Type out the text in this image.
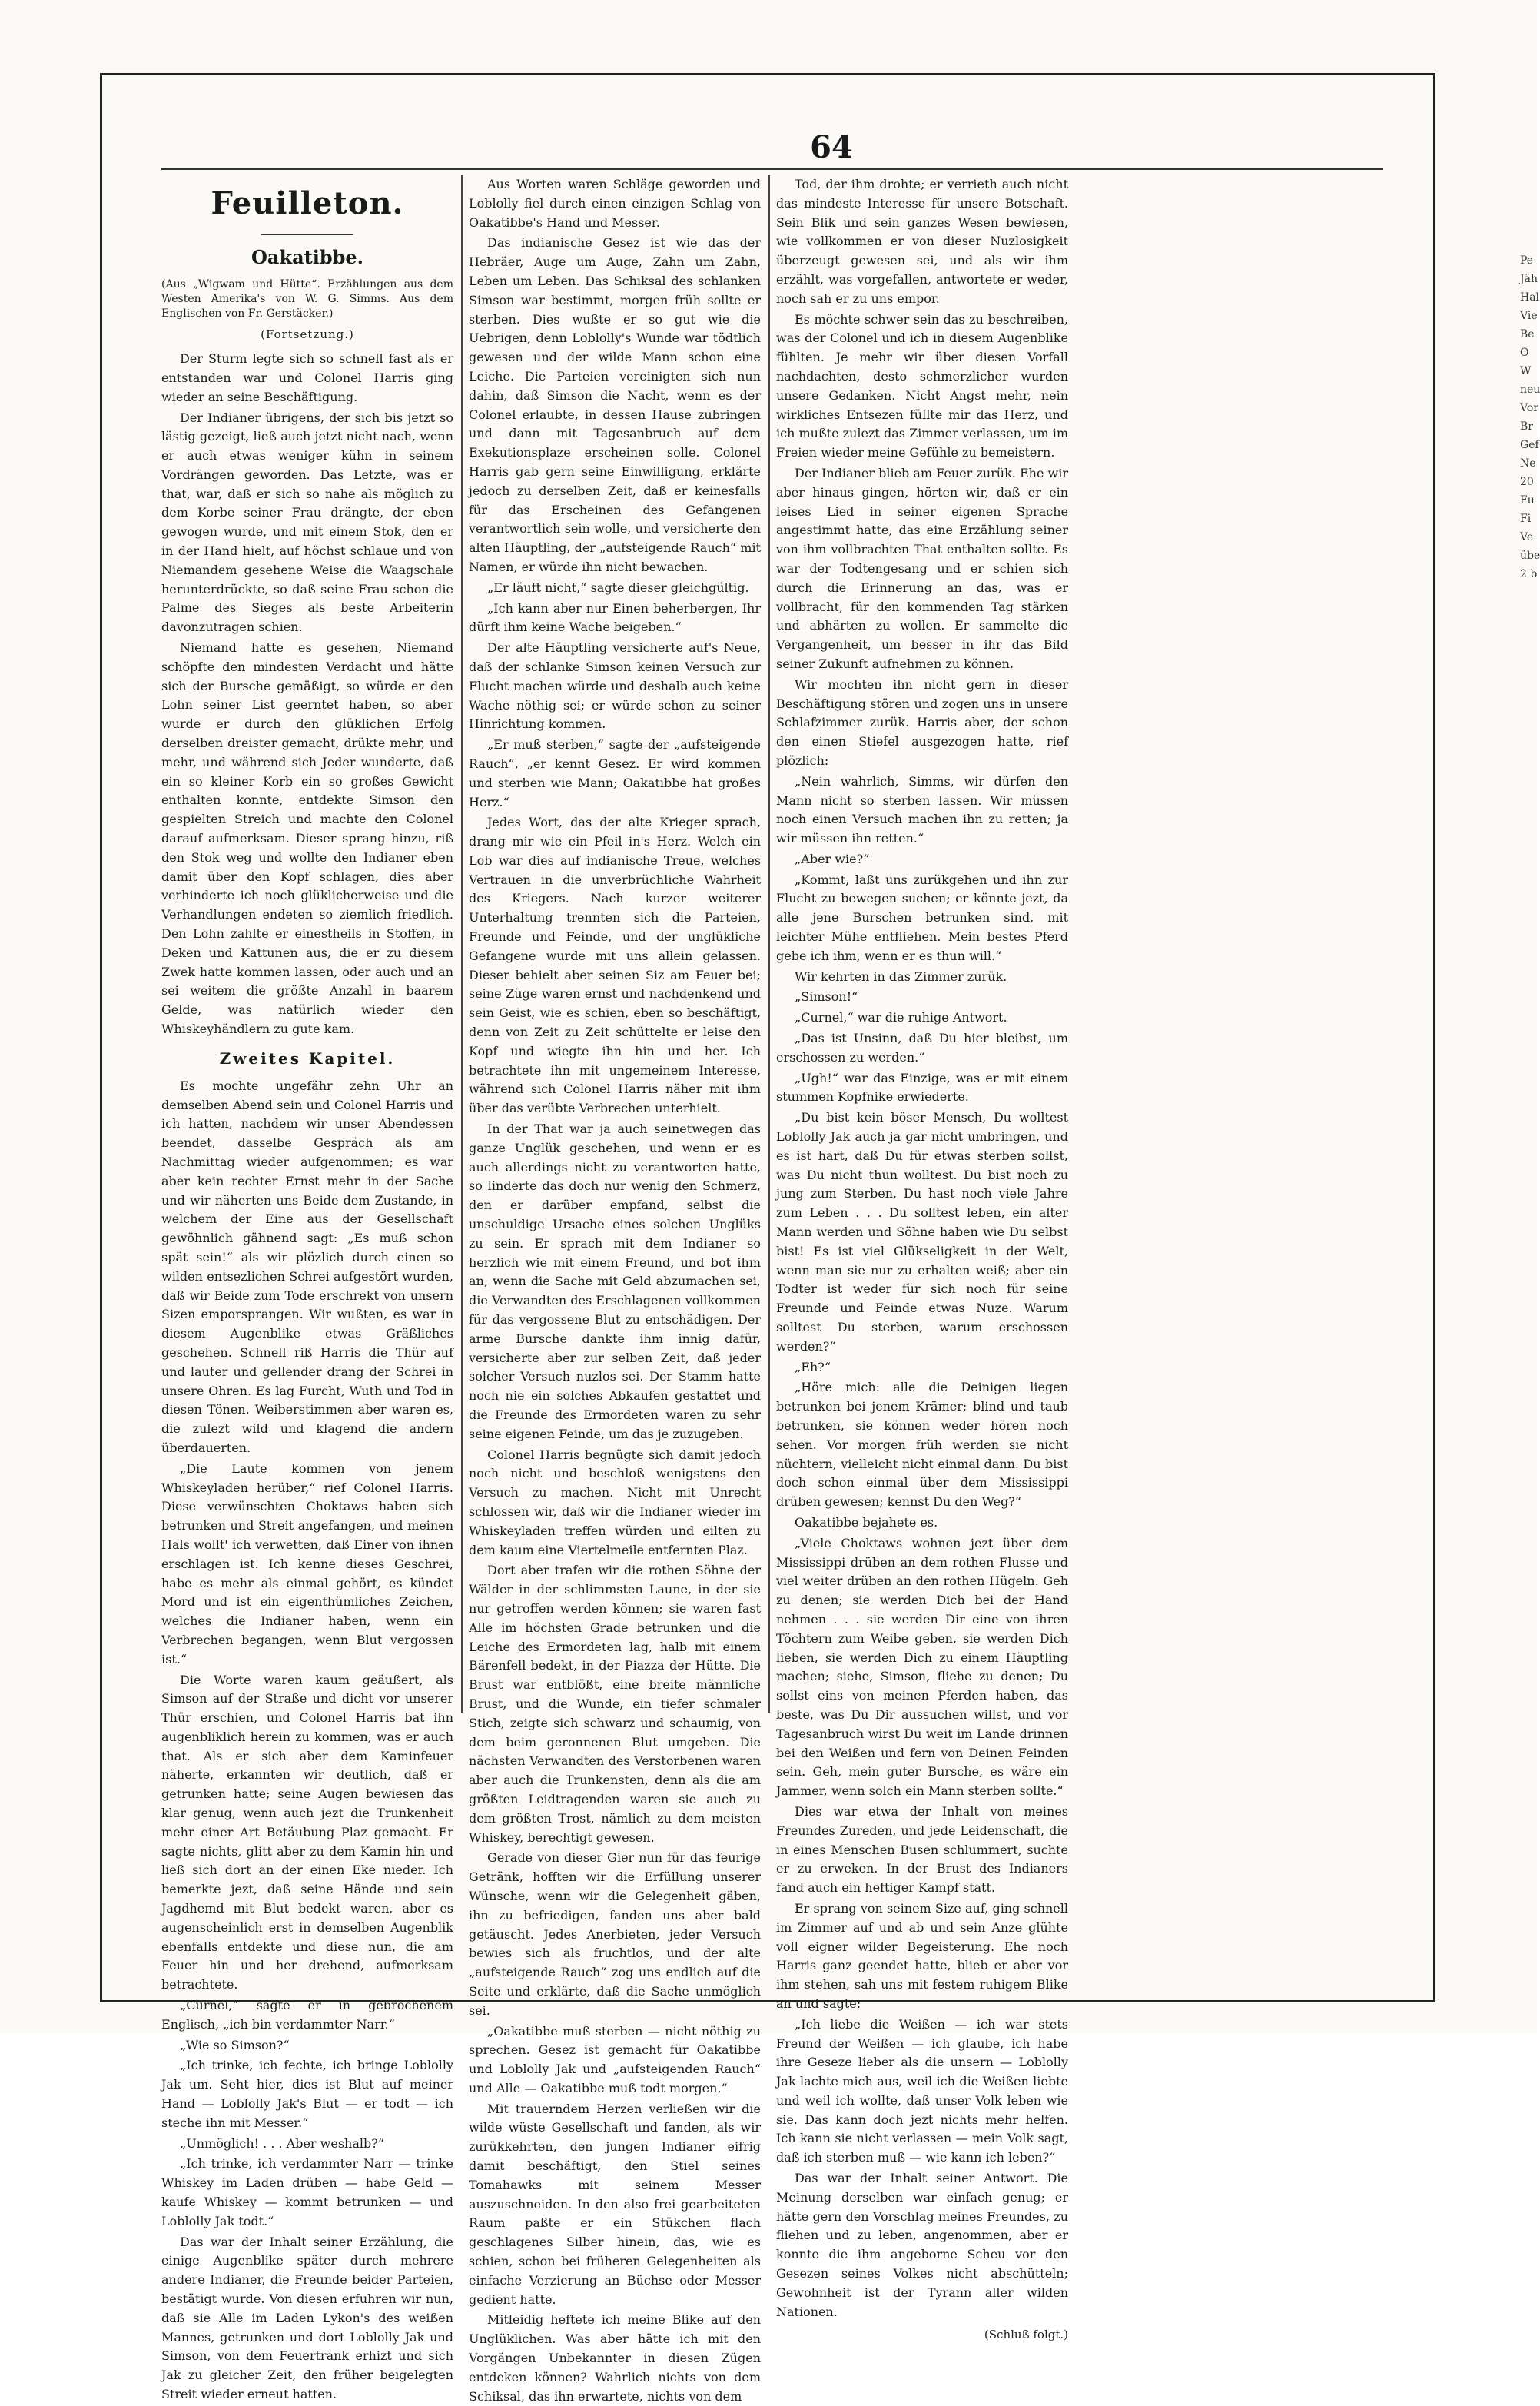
64
Feuilleton.
Oakatibbe.
(Aus „Wigwam und Hütte“. Erzählungen aus dem Westen Amerika's von W. G. Simms. Aus dem Englischen von Fr. Gerstäcker.)
(Fortsetzung.)

Der Sturm legte sich so schnell fast als er entstanden war und Colonel Harris ging wieder an seine Beschäftigung.

Der Indianer übrigens, der sich bis jetzt so lästig gezeigt, ließ auch jetzt nicht nach, wenn er auch etwas weniger kühn in seinem Vordrängen geworden. Das Letzte, was er that, war, daß er sich so nahe als möglich zu dem Korbe seiner Frau drängte, der eben gewogen wurde, und mit einem Stok, den er in der Hand hielt, auf höchst schlaue und von Niemandem gesehene Weise die Waagschale herunterdrückte, so daß seine Frau schon die Palme des Sieges als beste Arbeiterin davonzutragen schien.

Niemand hatte es gesehen, Niemand schöpfte den mindesten Verdacht und hätte sich der Bursche gemäßigt, so würde er den Lohn seiner List geerntet haben, so aber wurde er durch den glüklichen Erfolg derselben dreister gemacht, drükte mehr, und mehr, und während sich Jeder wunderte, daß ein so kleiner Korb ein so großes Gewicht enthalten konnte, entdekte Simson den gespielten Streich und machte den Colonel darauf aufmerksam. Dieser sprang hinzu, riß den Stok weg und wollte den Indianer eben damit über den Kopf schlagen, dies aber verhinderte ich noch glüklicherweise und die Verhandlungen endeten so ziemlich friedlich. Den Lohn zahlte er einestheils in Stoffen, in Deken und Kattunen aus, die er zu diesem Zwek hatte kommen lassen, oder auch und an sei weitem die größte Anzahl in baarem Gelde, was natürlich wieder den Whiskeyhändlern zu gute kam.

Zweites Kapitel.

Es mochte ungefähr zehn Uhr an demselben Abend sein und Colonel Harris und ich hatten, nachdem wir unser Abendessen beendet, dasselbe Gespräch als am Nachmittag wieder aufgenommen; es war aber kein rechter Ernst mehr in der Sache und wir näherten uns Beide dem Zustande, in welchem der Eine aus der Gesellschaft gewöhnlich gähnend sagt: „Es muß schon spät sein!“ als wir plözlich durch einen so wilden entsezlichen Schrei aufgestört wurden, daß wir Beide zum Tode erschrekt von unsern Sizen emporsprangen. Wir wußten, es war in diesem Augenblike etwas Gräßliches geschehen. Schnell riß Harris die Thür auf und lauter und gellender drang der Schrei in unsere Ohren. Es lag Furcht, Wuth und Tod in diesen Tönen. Weiberstimmen aber waren es, die zulezt wild und klagend die andern überdauerten.

„Die Laute kommen von jenem Whiskeyladen herüber,“ rief Colonel Harris. Diese verwünschten Choktaws haben sich betrunken und Streit angefangen, und meinen Hals wollt' ich verwetten, daß Einer von ihnen erschlagen ist. Ich kenne dieses Geschrei, habe es mehr als einmal gehört, es kündet Mord und ist ein eigenthümliches Zeichen, welches die Indianer haben, wenn ein Verbrechen begangen, wenn Blut vergossen ist.“

Die Worte waren kaum geäußert, als Simson auf der Straße und dicht vor unserer Thür erschien, und Colonel Harris bat ihn augenbliklich herein zu kommen, was er auch that. Als er sich aber dem Kaminfeuer näherte, erkannten wir deutlich, daß er getrunken hatte; seine Augen bewiesen das klar genug, wenn auch jezt die Trunkenheit mehr einer Art Betäubung Plaz gemacht. Er sagte nichts, glitt aber zu dem Kamin hin und ließ sich dort an der einen Eke nieder. Ich bemerkte jezt, daß seine Hände und sein Jagdhemd mit Blut bedekt waren, aber es augenscheinlich erst in demselben Augenblik ebenfalls entdekte und diese nun, die am Feuer hin und her drehend, aufmerksam betrachtete.

„Curnel,“ sagte er in gebrochenem Englisch, „ich bin verdammter Narr.“

„Wie so Simson?“

„Ich trinke, ich fechte, ich bringe Loblolly Jak um. Seht hier, dies ist Blut auf meiner Hand — Loblolly Jak's Blut — er todt — ich steche ihn mit Messer.“

„Unmöglich! . . . Aber weshalb?“

„Ich trinke, ich verdammter Narr — trinke Whiskey im Laden drüben — habe Geld — kaufe Whiskey — kommt betrunken — und Loblolly Jak todt.“

Das war der Inhalt seiner Erzählung, die einige Augenblike später durch mehrere andere Indianer, die Freunde beider Parteien, bestätigt wurde. Von diesen erfuhren wir nun, daß sie Alle im Laden Lykon's des weißen Mannes, getrunken und dort Loblolly Jak und Simson, von dem Feuertrank erhizt und sich Jak zu gleicher Zeit, den früher beigelegten Streit wieder erneut hatten.

Aus Worten waren Schläge geworden und Loblolly fiel durch einen einzigen Schlag von Oakatibbe's Hand und Messer.

Das indianische Gesez ist wie das der Hebräer, Auge um Auge, Zahn um Zahn, Leben um Leben. Das Schiksal des schlanken Simson war bestimmt, morgen früh sollte er sterben. Dies wußte er so gut wie die Uebrigen, denn Loblolly's Wunde war tödtlich gewesen und der wilde Mann schon eine Leiche. Die Parteien vereinigten sich nun dahin, daß Simson die Nacht, wenn es der Colonel erlaubte, in dessen Hause zubringen und dann mit Tagesanbruch auf dem Exekutionsplaze erscheinen solle. Colonel Harris gab gern seine Einwilligung, erklärte jedoch zu derselben Zeit, daß er keinesfalls für das Erscheinen des Gefangenen verantwortlich sein wolle, und versicherte den alten Häuptling, der „aufsteigende Rauch“ mit Namen, er würde ihn nicht bewachen.

„Er läuft nicht,“ sagte dieser gleichgültig.

„Ich kann aber nur Einen beherbergen, Ihr dürft ihm keine Wache beigeben.“

Der alte Häuptling versicherte auf's Neue, daß der schlanke Simson keinen Versuch zur Flucht machen würde und deshalb auch keine Wache nöthig sei; er würde schon zu seiner Hinrichtung kommen.

„Er muß sterben,“ sagte der „aufsteigende Rauch“, „er kennt Gesez. Er wird kommen und sterben wie Mann; Oakatibbe hat großes Herz.“

Jedes Wort, das der alte Krieger sprach, drang mir wie ein Pfeil in's Herz. Welch ein Lob war dies auf indianische Treue, welches Vertrauen in die unverbrüchliche Wahrheit des Kriegers. Nach kurzer weiterer Unterhaltung trennten sich die Parteien, Freunde und Feinde, und der unglükliche Gefangene wurde mit uns allein gelassen. Dieser behielt aber seinen Siz am Feuer bei; seine Züge waren ernst und nachdenkend und sein Geist, wie es schien, eben so beschäftigt, denn von Zeit zu Zeit schüttelte er leise den Kopf und wiegte ihn hin und her. Ich betrachtete ihn mit ungemeinem Interesse, während sich Colonel Harris näher mit ihm über das verübte Verbrechen unterhielt.

In der That war ja auch seinetwegen das ganze Unglük geschehen, und wenn er es auch allerdings nicht zu verantworten hatte, so linderte das doch nur wenig den Schmerz, den er darüber empfand, selbst die unschuldige Ursache eines solchen Unglüks zu sein. Er sprach mit dem Indianer so herzlich wie mit einem Freund, und bot ihm an, wenn die Sache mit Geld abzumachen sei, die Verwandten des Erschlagenen vollkommen für das vergossene Blut zu entschädigen. Der arme Bursche dankte ihm innig dafür, versicherte aber zur selben Zeit, daß jeder solcher Versuch nuzlos sei. Der Stamm hatte noch nie ein solches Abkaufen gestattet und die Freunde des Ermordeten waren zu sehr seine eigenen Feinde, um das je zuzugeben.

Colonel Harris begnügte sich damit jedoch noch nicht und beschloß wenigstens den Versuch zu machen. Nicht mit Unrecht schlossen wir, daß wir die Indianer wieder im Whiskeyladen treffen würden und eilten zu dem kaum eine Viertelmeile entfernten Plaz.

Dort aber trafen wir die rothen Söhne der Wälder in der schlimmsten Laune, in der sie nur getroffen werden können; sie waren fast Alle im höchsten Grade betrunken und die Leiche des Ermordeten lag, halb mit einem Bärenfell bedekt, in der Piazza der Hütte. Die Brust war entblößt, eine breite männliche Brust, und die Wunde, ein tiefer schmaler Stich, zeigte sich schwarz und schaumig, von dem beim geronnenen Blut umgeben. Die nächsten Verwandten des Verstorbenen waren aber auch die Trunkensten, denn als die am größten Leidtragenden waren sie auch zu dem größten Trost, nämlich zu dem meisten Whiskey, berechtigt gewesen.

Gerade von dieser Gier nun für das feurige Getränk, hofften wir die Erfüllung unserer Wünsche, wenn wir die Gelegenheit gäben, ihn zu befriedigen, fanden uns aber bald getäuscht. Jedes Anerbieten, jeder Versuch bewies sich als fruchtlos, und der alte „aufsteigende Rauch“ zog uns endlich auf die Seite und erklärte, daß die Sache unmöglich sei.

„Oakatibbe muß sterben — nicht nöthig zu sprechen. Gesez ist gemacht für Oakatibbe und Loblolly Jak und „aufsteigenden Rauch“ und Alle — Oakatibbe muß todt morgen.“

Mit trauerndem Herzen verließen wir die wilde wüste Gesellschaft und fanden, als wir zurükkehrten, den jungen Indianer eifrig damit beschäftigt, den Stiel seines Tomahawks mit seinem Messer auszuschneiden. In den also frei gearbeiteten Raum paßte er ein Stükchen flach geschlagenes Silber hinein, das, wie es schien, schon bei früheren Gelegenheiten als einfache Verzierung an Büchse oder Messer gedient hatte.

Mitleidig heftete ich meine Blike auf den Unglüklichen. Was aber hätte ich mit den Vorgängen Unbekannter in diesen Zügen entdeken können? Wahrlich nichts von dem Schiksal, das ihn erwartete, nichts von dem

Tod, der ihm drohte; er verrieth auch nicht das mindeste Interesse für unsere Botschaft. Sein Blik und sein ganzes Wesen bewiesen, wie vollkommen er von dieser Nuzlosigkeit überzeugt gewesen sei, und als wir ihm erzählt, was vorgefallen, antwortete er weder, noch sah er zu uns empor.

Es möchte schwer sein das zu beschreiben, was der Colonel und ich in diesem Augenblike fühlten. Je mehr wir über diesen Vorfall nachdachten, desto schmerzlicher wurden unsere Gedanken. Nicht Angst mehr, nein wirkliches Entsezen füllte mir das Herz, und ich mußte zulezt das Zimmer verlassen, um im Freien wieder meine Gefühle zu bemeistern.

Der Indianer blieb am Feuer zurük. Ehe wir aber hinaus gingen, hörten wir, daß er ein leises Lied in seiner eigenen Sprache angestimmt hatte, das eine Erzählung seiner von ihm vollbrachten That enthalten sollte. Es war der Todtengesang und er schien sich durch die Erinnerung an das, was er vollbracht, für den kommenden Tag stärken und abhärten zu wollen. Er sammelte die Vergangenheit, um besser in ihr das Bild seiner Zukunft aufnehmen zu können.

Wir mochten ihn nicht gern in dieser Beschäftigung stören und zogen uns in unsere Schlafzimmer zurük. Harris aber, der schon den einen Stiefel ausgezogen hatte, rief plözlich:

„Nein wahrlich, Simms, wir dürfen den Mann nicht so sterben lassen. Wir müssen noch einen Versuch machen ihn zu retten; ja wir müssen ihn retten.“

„Aber wie?“

„Kommt, laßt uns zurükgehen und ihn zur Flucht zu bewegen suchen; er könnte jezt, da alle jene Burschen betrunken sind, mit leichter Mühe entfliehen. Mein bestes Pferd gebe ich ihm, wenn er es thun will.“

Wir kehrten in das Zimmer zurük.

„Simson!“

„Curnel,“ war die ruhige Antwort.

„Das ist Unsinn, daß Du hier bleibst, um erschossen zu werden.“

„Ugh!“ war das Einzige, was er mit einem stummen Kopfnike erwiederte.

„Du bist kein böser Mensch, Du wolltest Loblolly Jak auch ja gar nicht umbringen, und es ist hart, daß Du für etwas sterben sollst, was Du nicht thun wolltest. Du bist noch zu jung zum Sterben, Du hast noch viele Jahre zum Leben . . . Du solltest leben, ein alter Mann werden und Söhne haben wie Du selbst bist! Es ist viel Glükseligkeit in der Welt, wenn man sie nur zu erhalten weiß; aber ein Todter ist weder für sich noch für seine Freunde und Feinde etwas Nuze. Warum solltest Du sterben, warum erschossen werden?“

„Eh?“

„Höre mich: alle die Deinigen liegen betrunken bei jenem Krämer; blind und taub betrunken, sie können weder hören noch sehen. Vor morgen früh werden sie nicht nüchtern, vielleicht nicht einmal dann. Du bist doch schon einmal über dem Mississippi drüben gewesen; kennst Du den Weg?“

Oakatibbe bejahete es.

„Viele Choktaws wohnen jezt über dem Mississippi drüben an dem rothen Flusse und viel weiter drüben an den rothen Hügeln. Geh zu denen; sie werden Dich bei der Hand nehmen . . . sie werden Dir eine von ihren Töchtern zum Weibe geben, sie werden Dich lieben, sie werden Dich zu einem Häuptling machen; siehe, Simson, fliehe zu denen; Du sollst eins von meinen Pferden haben, das beste, was Du Dir aussuchen willst, und vor Tagesanbruch wirst Du weit im Lande drinnen bei den Weißen und fern von Deinen Feinden sein. Geh, mein guter Bursche, es wäre ein Jammer, wenn solch ein Mann sterben sollte.“

Dies war etwa der Inhalt von meines Freundes Zureden, und jede Leidenschaft, die in eines Menschen Busen schlummert, suchte er zu erweken. In der Brust des Indianers fand auch ein heftiger Kampf statt.

Er sprang von seinem Size auf, ging schnell im Zimmer auf und ab und sein Anze glühte voll eigner wilder Begeisterung. Ehe noch Harris ganz geendet hatte, blieb er aber vor ihm stehen, sah uns mit festem ruhigem Blike an und sagte:

„Ich liebe die Weißen — ich war stets Freund der Weißen — ich glaube, ich habe ihre Geseze lieber als die unsern — Loblolly Jak lachte mich aus, weil ich die Weißen liebte und weil ich wollte, daß unser Volk leben wie sie. Das kann doch jezt nichts mehr helfen. Ich kann sie nicht verlassen — mein Volk sagt, daß ich sterben muß — wie kann ich leben?“

Das war der Inhalt seiner Antwort. Die Meinung derselben war einfach genug; er hätte gern den Vorschlag meines Freundes, zu fliehen und zu leben, angenommen, aber er konnte die ihm angeborne Scheu vor den Gesezen seines Volkes nicht abschütteln; Gewohnheit ist der Tyrann aller wilden Nationen.

(Schluß folgt.)
Pe
Jäh
Hal
Vie
Be
O
W
neu
Vor
Br
Gef
Ne
20
Fu
Fi
Ve
übe
2 b
